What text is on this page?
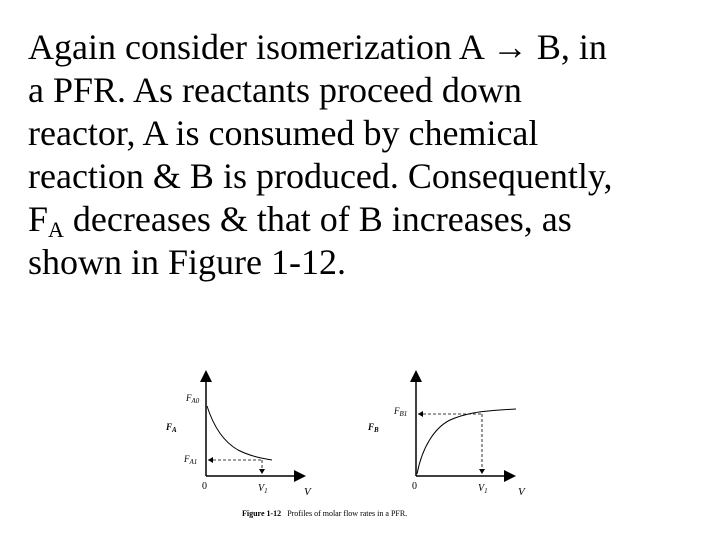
Again consider isomerization A → B, in
a PFR. As reactants proceed down
reactor, A is consumed by chemical
reaction & B is produced. Consequently,
$F_A$ decreases & that of B increases, as
shown in Figure 1-12.
$F_{A0}$
$F_A$
$F_{A1}$
0	$V_1$	V
$F_{B1}$
$F_B$
0	$V_1$	V
Figure 1-12 Profiles of molar flow rates in a PFR.
